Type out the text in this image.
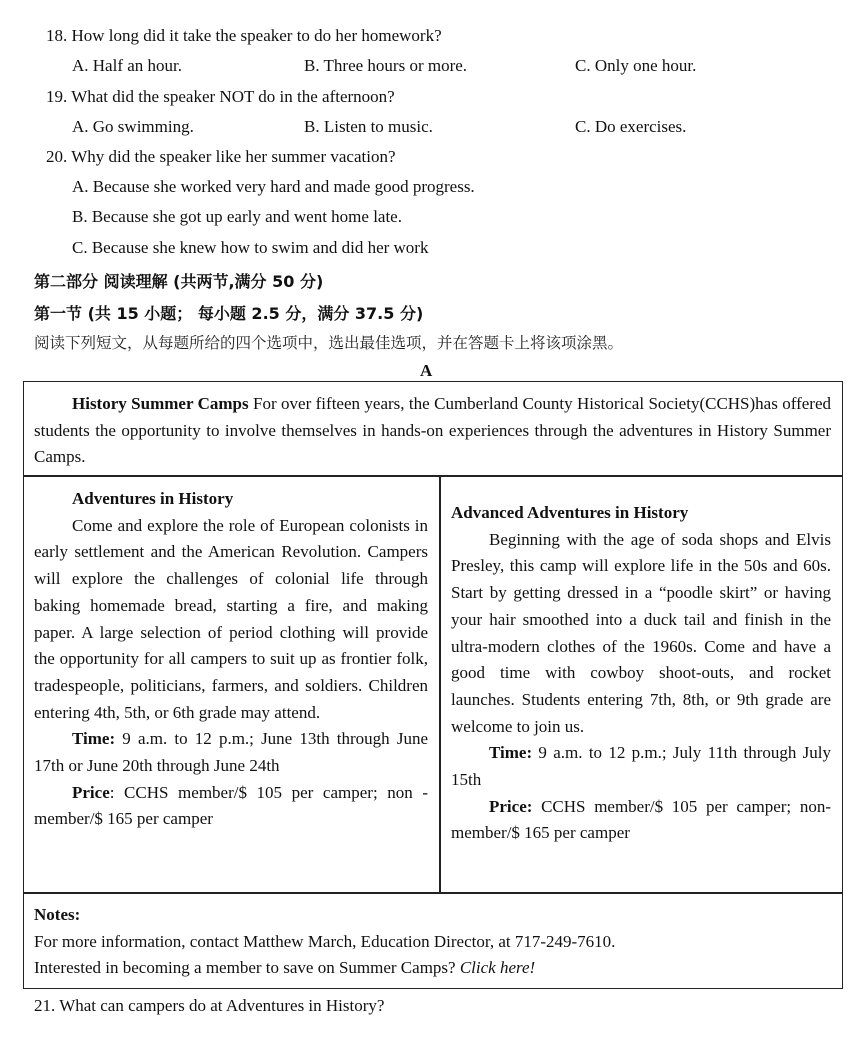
18. How long did it take the speaker to do her homework?
A. Half an hour.	B. Three hours or more.	C. Only one hour.
19. What did the speaker NOT do in the afternoon?
A. Go swimming.	B. Listen to music.	C. Do exercises.
20. Why did the speaker like her summer vacation?
A. Because she worked very hard and made good progress.
B. Because she got up early and went home late.
C. Because she knew how to swim and did her work
第二部分 阅读理解 (共两节,满分 50 分)
第一节 (共 15 小题； 每小题 2.5 分，满分 37.5 分)
阅读下列短文，从每题所给的四个选项中，选出最佳选项，并在答题卡上将该项涂黑。
A

History Summer Camps For over fifteen years, the Cumberland County Historical Society(CCHS)has offered students the opportunity to involve themselves in hands-on experiences through the adventures in History Summer Camps.

Adventures in History

Come and explore the role of European colonists in early settlement and the American Revolution. Campers will explore the challenges of colonial life through baking homemade bread, starting a fire, and making paper. A large selection of period clothing will provide the opportunity for all campers to suit up as frontier folk, tradespeople, politicians, farmers, and soldiers. Children entering 4th, 5th, or 6th grade may attend.

Time: 9 a.m. to 12 p.m.; June 13th through June 17th or June 20th through June 24th

Price: CCHS member/$ 105 per camper; non -member/$ 165 per camper

Advanced Adventures in History

Beginning with the age of soda shops and Elvis Presley, this camp will explore life in the 50s and 60s. Start by getting dressed in a “poodle skirt” or having your hair smoothed into a duck tail and finish in the ultra-modern clothes of the 1960s. Come and have a good time with cowboy shoot-outs, and rocket launches. Students entering 7th, 8th, or 9th grade are welcome to join us.

Time: 9 a.m. to 12 p.m.; July 11th through July 15th

Price: CCHS member/$ 105 per camper; non-member/$ 165 per camper

Notes:

For more information, contact Matthew March, Education Director, at 717-249-7610.

Interested in becoming a member to save on Summer Camps? Click here!

21. What can campers do at Adventures in History?
